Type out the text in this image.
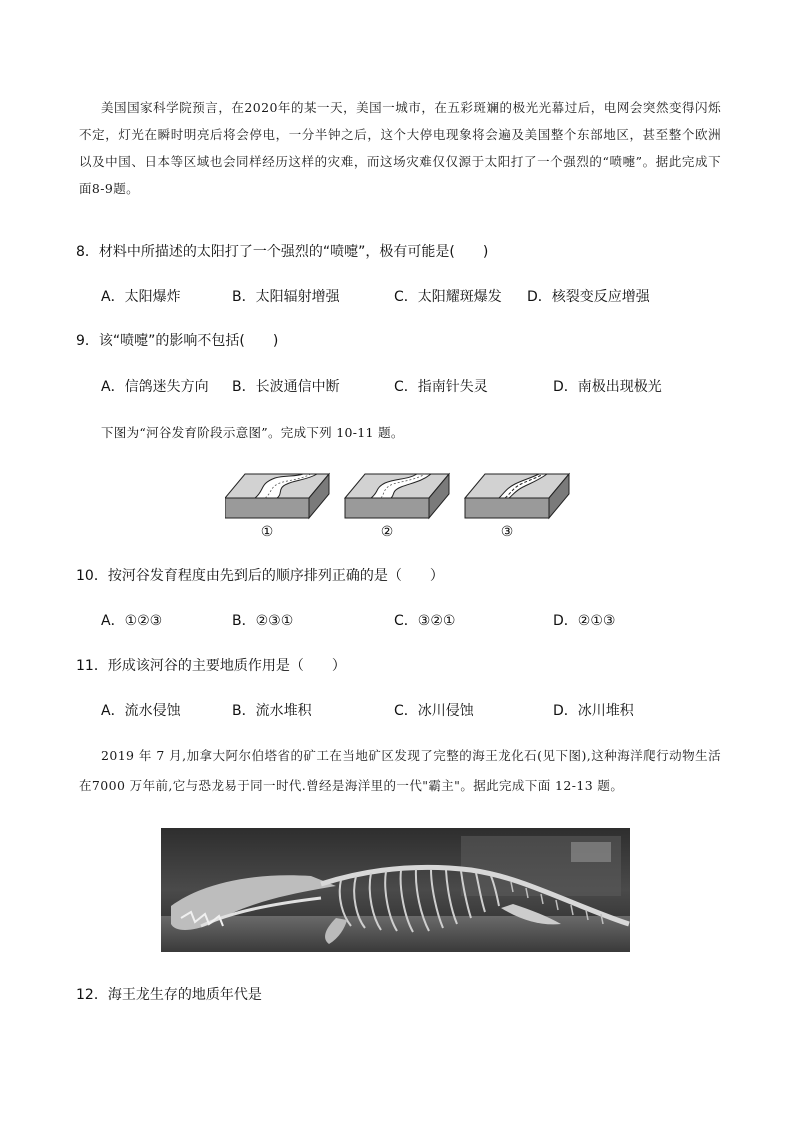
美国国家科学院预言，在2020年的某一天，美国一城市，在五彩斑斓的极光光幕过后，电网会突然变得闪烁不定，灯光在瞬时明亮后将会停电，一分半钟之后，这个大停电现象将会遍及美国整个东部地区，甚至整个欧洲以及中国、日本等区域也会同样经历这样的灾难，而这场灾难仅仅源于太阳打了一个强烈的“喷嚏”。据此完成下面8-9题。
8．材料中所描述的太阳打了一个强烈的“喷嚏”，极有可能是(　　)
A．太阳爆炸	B．太阳辐射增强	C．太阳耀斑爆发 D．核裂变反应增强
9．该“喷嚏”的影响不包括(　　)
A．信鸽迷失方向 B．长波通信中断	C．指南针失灵	D．南极出现极光
下图为“河谷发育阶段示意图”。完成下列 10-11 题。
①	②	③
10．按河谷发育程度由先到后的顺序排列正确的是（　　）
A．①②③	B．②③①	C．③②①	D．②①③
11．形成该河谷的主要地质作用是（　　）
A．流水侵蚀	B．流水堆积	C．冰川侵蚀	D．冰川堆积
2019 年 7 月,加拿大阿尔伯塔省的矿工在当地矿区发现了完整的海王龙化石(见下图),这种海洋爬行动物生活在7000 万年前,它与恐龙易于同一时代.曾经是海洋里的一代"霸主"。据此完成下面 12-13 题。
12．海王龙生存的地质年代是
